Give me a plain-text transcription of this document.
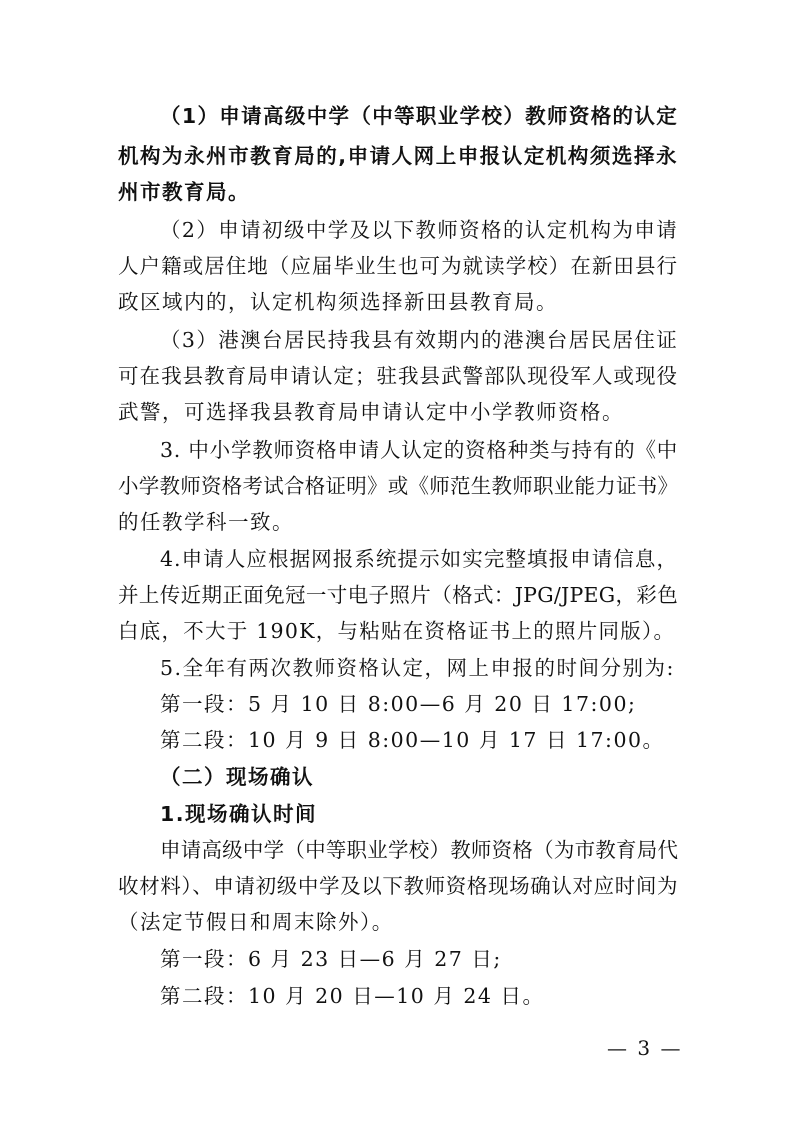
（1）申请高级中学（中等职业学校）教师资格的认定
机构为永州市教育局的,申请人网上申报认定机构须选择永
州市教育局。
（2）申请初级中学及以下教师资格的认定机构为申请
人户籍或居住地（应届毕业生也可为就读学校）在新田县行
政区域内的，认定机构须选择新田县教育局。
（3）港澳台居民持我县有效期内的港澳台居民居住证
可在我县教育局申请认定；驻我县武警部队现役军人或现役
武警，可选择我县教育局申请认定中小学教师资格。
3. 中小学教师资格申请人认定的资格种类与持有的《中
小学教师资格考试合格证明》或《师范生教师职业能力证书》
的任教学科一致。
4.申请人应根据网报系统提示如实完整填报申请信息，
并上传近期正面免冠一寸电子照片（格式：JPG/JPEG，彩色
白底，不大于 190K，与粘贴在资格证书上的照片同版）。
5.全年有两次教师资格认定，网上申报的时间分别为:
第一段：5 月 10 日 8:00—6 月 20 日 17:00;
第二段：10 月 9 日 8:00—10 月 17 日 17:00。
（二）现场确认
1.现场确认时间
申请高级中学（中等职业学校）教师资格（为市教育局代
收材料）、申请初级中学及以下教师资格现场确认对应时间为
（法定节假日和周末除外）。
第一段：6 月 23 日—6 月 27 日;
第二段：10 月 20 日—10 月 24 日。
— 3 —
